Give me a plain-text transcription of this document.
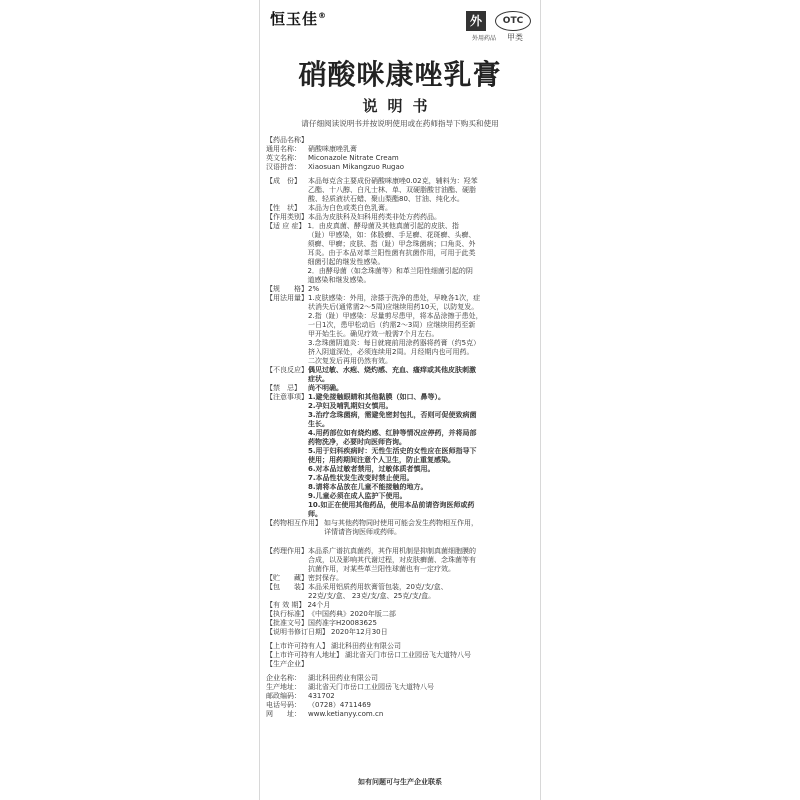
恒玉佳®	外
外用药品
OTC
甲类
硝酸咪康唑乳膏
说明书
请仔细阅读说明书并按说明使用或在药师指导下购买和使用
【药品名称】
通用名称：	硝酸咪康唑乳膏
英文名称：	Miconazole Nitrate Cream
汉语拼音：	Xiaosuan Mikangzuo Rugao
【成　份】	本品每克含主要成份硝酸咪康唑0.02克，辅料为：羟苯
乙酯、十八醇、白凡士林、单、双硬脂酸甘油酯、硬脂
酸、轻质液状石蜡、聚山梨酯80、甘油、纯化水。
【性　状】	本品为白色或类白色乳膏。
【作用类别】 本品为皮肤科及妇科用药类非处方药药品。
【适 应 症】 1．由皮真菌、酵母菌及其他真菌引起的皮肤、指
（趾）甲感染，如：体股癣、手足癣、花斑癣、头癣、
须癣、甲癣；皮肤、指（趾）甲念珠菌病；口角炎、外
耳炎。由于本品对革兰阳性菌有抗菌作用，可用于此类
细菌引起的继发性感染。
2．由酵母菌（如念珠菌等）和革兰阳性细菌引起的阴
道感染和继发感染。
【规　　格】 2%
【用法用量】 1.皮肤感染：外用，涂搽于洗净的患处，早晚各1次，症
状消失后(通常需2～5周)应继续用药10天，以防复发。
2.指（趾）甲感染：尽量剪尽患甲，将本品涂擦于患处，
一日1次，患甲松动后（约需2～3周）应继续用药至新
甲开始生长。确见疗效一般需7个月左右。
3.念珠菌阴道炎：每日就寝前用涂药器将药膏（约5克）
挤入阴道深处，必须连续用2周。月经期内也可用药。
二次复发后再用仍然有效。
【不良反应】 偶见过敏、水疱、烧灼感、充血、瘙痒或其他皮肤刺激
症状。
【禁　忌】	尚不明确。
【注意事项】 1.避免接触眼睛和其他黏膜（如口、鼻等）。
2.孕妇及哺乳期妇女慎用。
3.治疗念珠菌病，需避免密封包扎，否则可促使致病菌
生长。
4.用药部位如有烧灼感、红肿等情况应停药，并将局部
药物洗净，必要时向医师咨询。
5.用于妇科疾病时：无性生活史的女性应在医师指导下
使用；用药期间注意个人卫生，防止重复感染。
6.对本品过敏者禁用，过敏体质者慎用。
7.本品性状发生改变时禁止使用。
8.请将本品放在儿童不能接触的地方。
9.儿童必须在成人监护下使用。
10.如正在使用其他药品，使用本品前请咨询医师或药
师。
【药物相互作用】 如与其他药物同时使用可能会发生药物相互作用，
详情请咨询医师或药师。
【药理作用】 本品系广谱抗真菌药，其作用机制是抑制真菌细胞膜的
合成，以及影响其代谢过程，对皮肤癣菌、念珠菌等有
抗菌作用，对某些革兰阳性球菌也有一定疗效。
【贮　　藏】 密封保存。
【包　　装】 本品采用铝质药用软膏管包装，20克/支/盒、
22克/支/盒、 23克/支/盒、25克/支/盒。
【有 效 期】 24个月
【执行标准】 《中国药典》2020年版二部
【批准文号】 国药准字H20083625
【说明书修订日期】 2020年12月30日
【上市许可持有人】 湖北科田药业有限公司
【上市许可持有人地址】 湖北省天门市岳口工业园岳飞大道特八号
【生产企业】
企业名称：	湖北科田药业有限公司
生产地址：	湖北省天门市岳口工业园岳飞大道特八号
邮政编码：	431702
电话号码：	（0728）4711469
网　　址：	www.ketianyy.com.cn
如有问题可与生产企业联系
